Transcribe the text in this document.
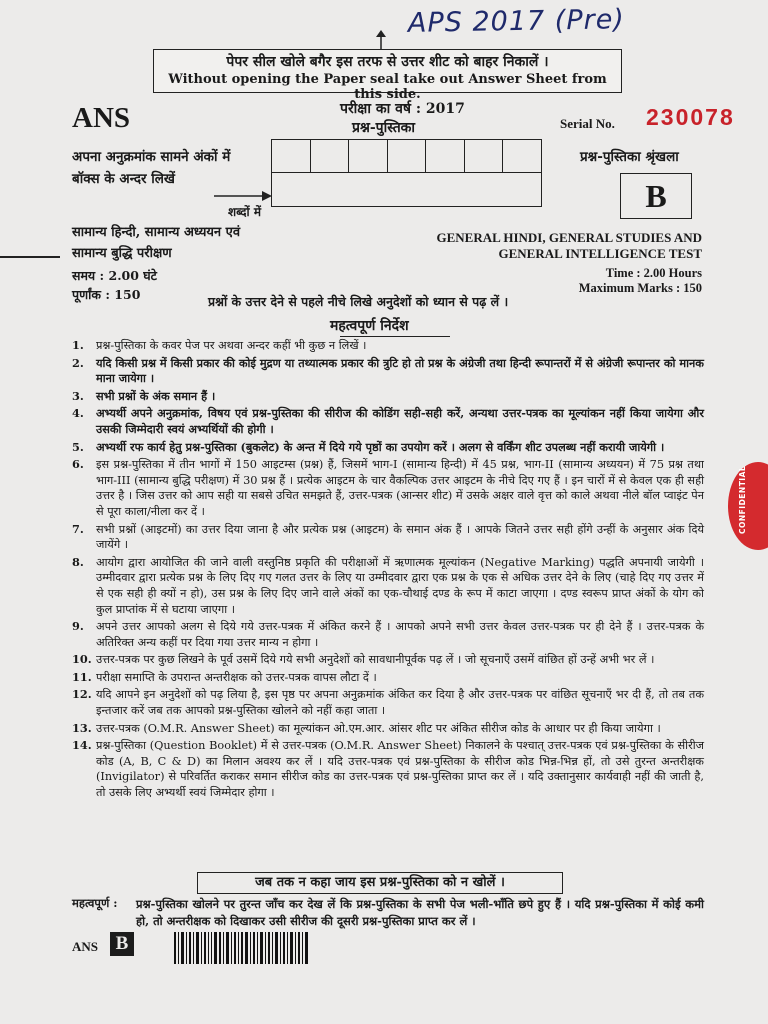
APS 2017 (Pre)
पेपर सील खोले बगैर इस तरफ से उत्तर शीट को बाहर निकालें ।
Without opening the Paper seal take out Answer Sheet from this side.
ANS	परीक्षा का वर्ष : 2017
प्रश्न-पुस्तिका	Serial No. 230078
अपना अनुक्रमांक सामने अंकों में
बॉक्स के अन्दर लिखें
शब्दों में
प्रश्न-पुस्तिका श्रृंखला
B
सामान्य हिन्दी, सामान्य अध्ययन एवं
सामान्य बुद्धि परीक्षण
GENERAL HINDI, GENERAL STUDIES AND
GENERAL INTELLIGENCE TEST
समय : 2.00 घंटे
पूर्णांक : 150
Time : 2.00 Hours
Maximum Marks : 150
प्रश्नों के उत्तर देने से पहले नीचे लिखे अनुदेशों को ध्यान से पढ़ लें ।
महत्वपूर्ण निर्देश
1.	प्रश्न-पुस्तिका के कवर पेज पर अथवा अन्दर कहीं भी कुछ न लिखें ।
2.	यदि किसी प्रश्न में किसी प्रकार की कोई मुद्रण या तथ्यात्मक प्रकार की त्रुटि हो तो प्रश्न के अंग्रेजी तथा हिन्दी रूपान्तरों में से अंग्रेजी रूपान्तर को मानक माना जायेगा ।
3.	सभी प्रश्नों के अंक समान हैं ।
4.	अभ्यर्थी अपने अनुक्रमांक, विषय एवं प्रश्न-पुस्तिका की सीरीज की कोडिंग सही-सही करें, अन्यथा उत्तर-पत्रक का मूल्यांकन नहीं किया जायेगा और उसकी जिम्मेदारी स्वयं अभ्यर्थियों की होगी ।
5.	अभ्यर्थी रफ कार्य हेतु प्रश्न-पुस्तिका (बुकलेट) के अन्त में दिये गये पृष्ठों का उपयोग करें । अलग से वर्किंग शीट उपलब्ध नहीं करायी जायेगी ।
6.	इस प्रश्न-पुस्तिका में तीन भागों में 150 आइटम्स (प्रश्न) हैं, जिसमें भाग-I (सामान्य हिन्दी) में 45 प्रश्न, भाग-II (सामान्य अध्ययन) में 75 प्रश्न तथा भाग-III (सामान्य बुद्धि परीक्षण) में 30 प्रश्न हैं । प्रत्येक आइटम के चार वैकल्पिक उत्तर आइटम के नीचे दिए गए हैं । इन चारों में से केवल एक ही सही उत्तर है । जिस उत्तर को आप सही या सबसे उचित समझते हैं, उत्तर-पत्रक (आन्सर शीट) में उसके अक्षर वाले वृत्त को काले अथवा नीले बॉल प्वाइंट पेन से पूरा काला/नीला कर दें ।
7.	सभी प्रश्नों (आइटमों) का उत्तर दिया जाना है और प्रत्येक प्रश्न (आइटम) के समान अंक हैं । आपके जितने उत्तर सही होंगे उन्हीं के अनुसार अंक दिये जायेंगे ।
8.	आयोग द्वारा आयोजित की जाने वाली वस्तुनिष्ठ प्रकृति की परीक्षाओं में ऋणात्मक मूल्यांकन (Negative Marking) पद्धति अपनायी जायेगी । उम्मीदवार द्वारा प्रत्येक प्रश्न के लिए दिए गए गलत उत्तर के लिए या उम्मीदवार द्वारा एक प्रश्न के एक से अधिक उत्तर देने के लिए (चाहे दिए गए उत्तर में से एक सही ही क्यों न हो), उस प्रश्न के लिए दिए जाने वाले अंकों का एक-चौथाई दण्ड के रूप में काटा जाएगा । दण्ड स्वरूप प्राप्त अंकों के योग को कुल प्राप्तांक में से घटाया जाएगा ।
9.	अपने उत्तर आपको अलग से दिये गये उत्तर-पत्रक में अंकित करने हैं । आपको अपने सभी उत्तर केवल उत्तर-पत्रक पर ही देने हैं । उत्तर-पत्रक के अतिरिक्त अन्य कहीं पर दिया गया उत्तर मान्य न होगा ।
10. उत्तर-पत्रक पर कुछ लिखने के पूर्व उसमें दिये गये सभी अनुदेशों को सावधानीपूर्वक पढ़ लें । जो सूचनाएँ उसमें वांछित हों उन्हें अभी भर लें ।
11. परीक्षा समाप्ति के उपरान्त अन्तरीक्षक को उत्तर-पत्रक वापस लौटा दें ।
12. यदि आपने इन अनुदेशों को पढ़ लिया है, इस पृष्ठ पर अपना अनुक्रमांक अंकित कर दिया है और उत्तर-पत्रक पर वांछित सूचनाएँ भर दी हैं, तो तब तक इन्तजार करें जब तक आपको प्रश्न-पुस्तिका खोलने को नहीं कहा जाता ।
13. उत्तर-पत्रक (O.M.R. Answer Sheet) का मूल्यांकन ओ.एम.आर. आंसर शीट पर अंकित सीरीज कोड के आधार पर ही किया जायेगा ।
14. प्रश्न-पुस्तिका (Question Booklet) में से उत्तर-पत्रक (O.M.R. Answer Sheet) निकालने के पश्चात् उत्तर-पत्रक एवं प्रश्न-पुस्तिका के सीरीज कोड (A, B, C & D) का मिलान अवश्य कर लें । यदि उत्तर-पत्रक एवं प्रश्न-पुस्तिका के सीरीज कोड भिन्न-भिन्न हों, तो उसे तुरन्त अन्तरीक्षक (Invigilator) से परिवर्तित कराकर समान सीरीज कोड का उत्तर-पत्रक एवं प्रश्न-पुस्तिका प्राप्त कर लें । यदि उक्तानुसार कार्यवाही नहीं की जाती है, तो उसके लिए अभ्यर्थी स्वयं जिम्मेदार होगा ।
जब तक न कहा जाय इस प्रश्न-पुस्तिका को न खोलें ।
महत्वपूर्ण : प्रश्न-पुस्तिका खोलने पर तुरन्त जाँच कर देख लें कि प्रश्न-पुस्तिका के सभी पेज भली-भाँति छपे हुए हैं । यदि प्रश्न-पुस्तिका में कोई कमी हो, तो अन्तरीक्षक को दिखाकर उसी सीरीज की दूसरी प्रश्न-पुस्तिका प्राप्त कर लें ।
ANS B
CONFIDENTIAL
